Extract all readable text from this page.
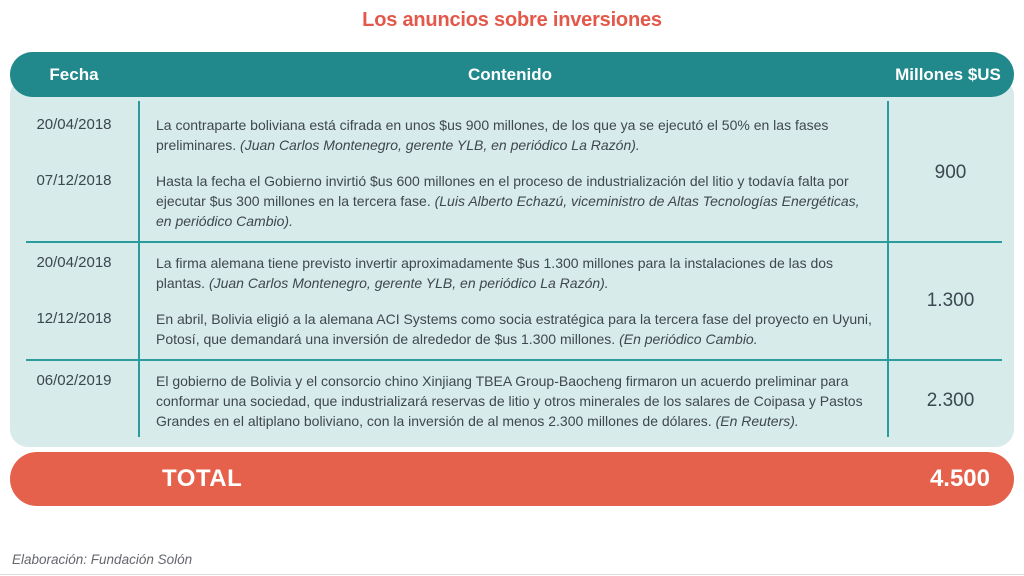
Los anuncios sobre inversiones
Fecha	Contenido	Millones $US
20/04/2018	La contraparte boliviana está cifrada en unos $us 900 millones, de los que ya se ejecutó el 50% en las fases preliminares. (Juan Carlos Montenegro, gerente YLB, en periódico La Razón).
07/12/2018	Hasta la fecha el Gobierno invirtió $us 600 millones en el proceso de industrialización del litio y todavía falta por ejecutar $us 300 millones en la tercera fase. (Luis Alberto Echazú, viceministro de Altas Tecnologías Energéticas, en periódico Cambio).
900
20/04/2018	La firma alemana tiene previsto invertir aproximadamente $us 1.300 millones para la instalaciones de las dos plantas. (Juan Carlos Montenegro, gerente YLB, en periódico La Razón).
12/12/2018	En abril, Bolivia eligió a la alemana ACI Systems como socia estratégica para la tercera fase del proyecto en Uyuni, Potosí, que demandará una inversión de alrededor de $us 1.300 millones. (En periódico Cambio.
1.300
06/02/2019	El gobierno de Bolivia y el consorcio chino Xinjiang TBEA Group-Baocheng firmaron un acuerdo preliminar para conformar una sociedad, que industrializará reservas de litio y otros minerales de los salares de Coipasa y Pastos Grandes en el altiplano boliviano, con la inversión de al menos 2.300 millones de dólares. (En Reuters).
2.300
TOTAL	4.500
Elaboración: Fundación Solón
